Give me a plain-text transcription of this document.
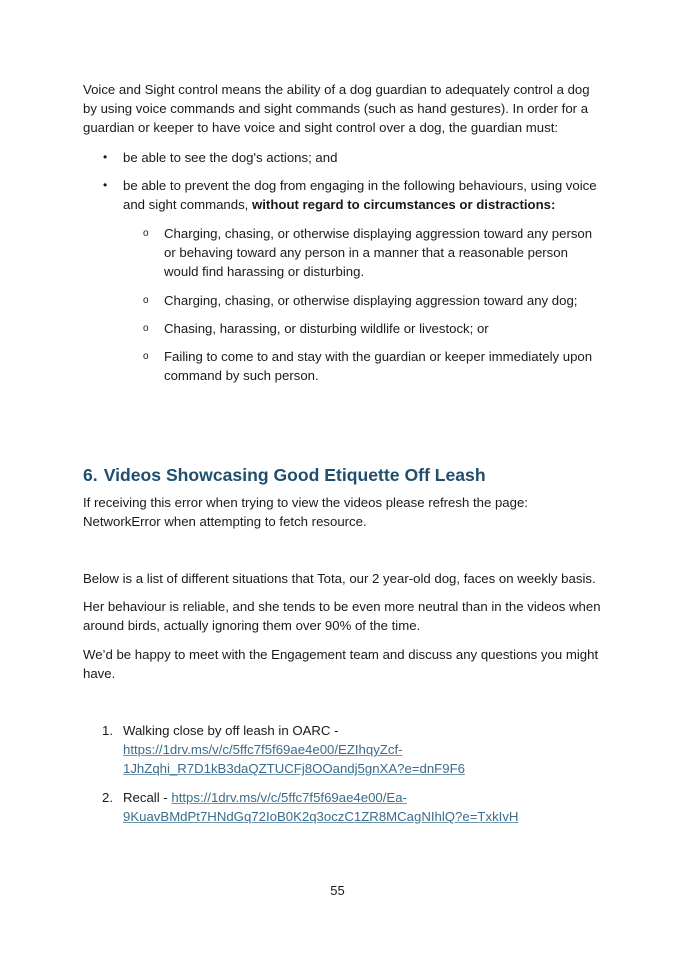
Voice and Sight control means the ability of a dog guardian to adequately control a dog by using voice commands and sight commands (such as hand gestures). In order for a guardian or keeper to have voice and sight control over a dog, the guardian must:

• be able to see the dog's actions; and
• be able to prevent the dog from engaging in the following behaviours, using voice and sight commands, without regard to circumstances or distractions:
o Charging, chasing, or otherwise displaying aggression toward any person or behaving toward any person in a manner that a reasonable person would find harassing or disturbing.
o Charging, chasing, or otherwise displaying aggression toward any dog;
o Chasing, harassing, or disturbing wildlife or livestock; or
o Failing to come to and stay with the guardian or keeper immediately upon command by such person.
6. Videos Showcasing Good Etiquette Off Leash

If receiving this error when trying to view the videos please refresh the page:
NetworkError when attempting to fetch resource.

Below is a list of different situations that Tota, our 2 year-old dog, faces on weekly basis.

Her behaviour is reliable, and she tends to be even more neutral than in the videos when around birds, actually ignoring them over 90% of the time.

We’d be happy to meet with the Engagement team and discuss any questions you might have.

1. Walking close by off leash in OARC -
https://1drv.ms/v/c/5ffc7f5f69ae4e00/EZIhqyZcf-1JhZqhi_R7D1kB3daQZTUCFj8OOandj5gnXA?e=dnF9F6
2. Recall - https://1drv.ms/v/c/5ffc7f5f69ae4e00/Ea-9KuavBMdPt7HNdGq72IoB0K2q3oczC1ZR8MCagNIhlQ?e=TxkIvH
55
